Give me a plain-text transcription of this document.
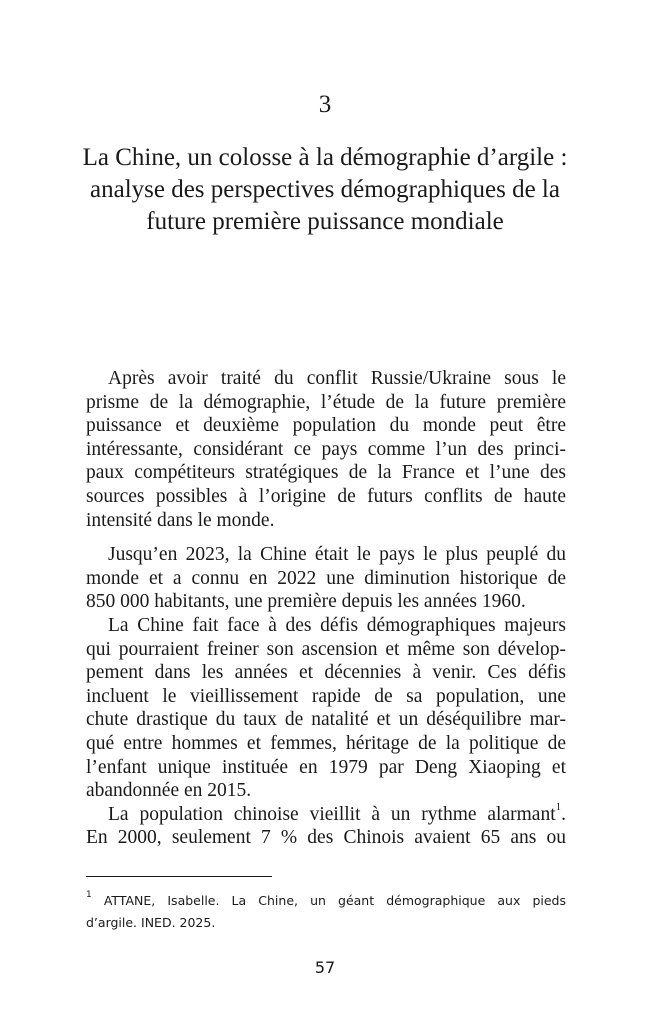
3
La Chine, un colosse à la démographie d’argile :
analyse des perspectives démographiques de la
future première puissance mondiale

Après avoir traité du conflit Russie/Ukraine sous le
prisme de la démographie, l’étude de la future première
puissance et deuxième population du monde peut être
intéressante, considérant ce pays comme l’un des princi-
paux compétiteurs stratégiques de la France et l’une des
sources possibles à l’origine de futurs conflits de haute
intensité dans le monde.

Jusqu’en 2023, la Chine était le pays le plus peuplé du
monde et a connu en 2022 une diminution historique de
850 000 habitants, une première depuis les années 1960.

La Chine fait face à des défis démographiques majeurs
qui pourraient freiner son ascension et même son dévelop-
pement dans les années et décennies à venir. Ces défis
incluent le vieillissement rapide de sa population, une
chute drastique du taux de natalité et un déséquilibre mar-
qué entre hommes et femmes, héritage de la politique de
l’enfant unique instituée en 1979 par Deng Xiaoping et
abandonnée en 2015.

La population chinoise vieillit à un rythme alarmant$^1$.
En 2000, seulement 7 % des Chinois avaient 65 ans ou

$^1$ ATTANE, Isabelle. La Chine, un géant démographique aux pieds
d’argile. INED. 2025.
57
